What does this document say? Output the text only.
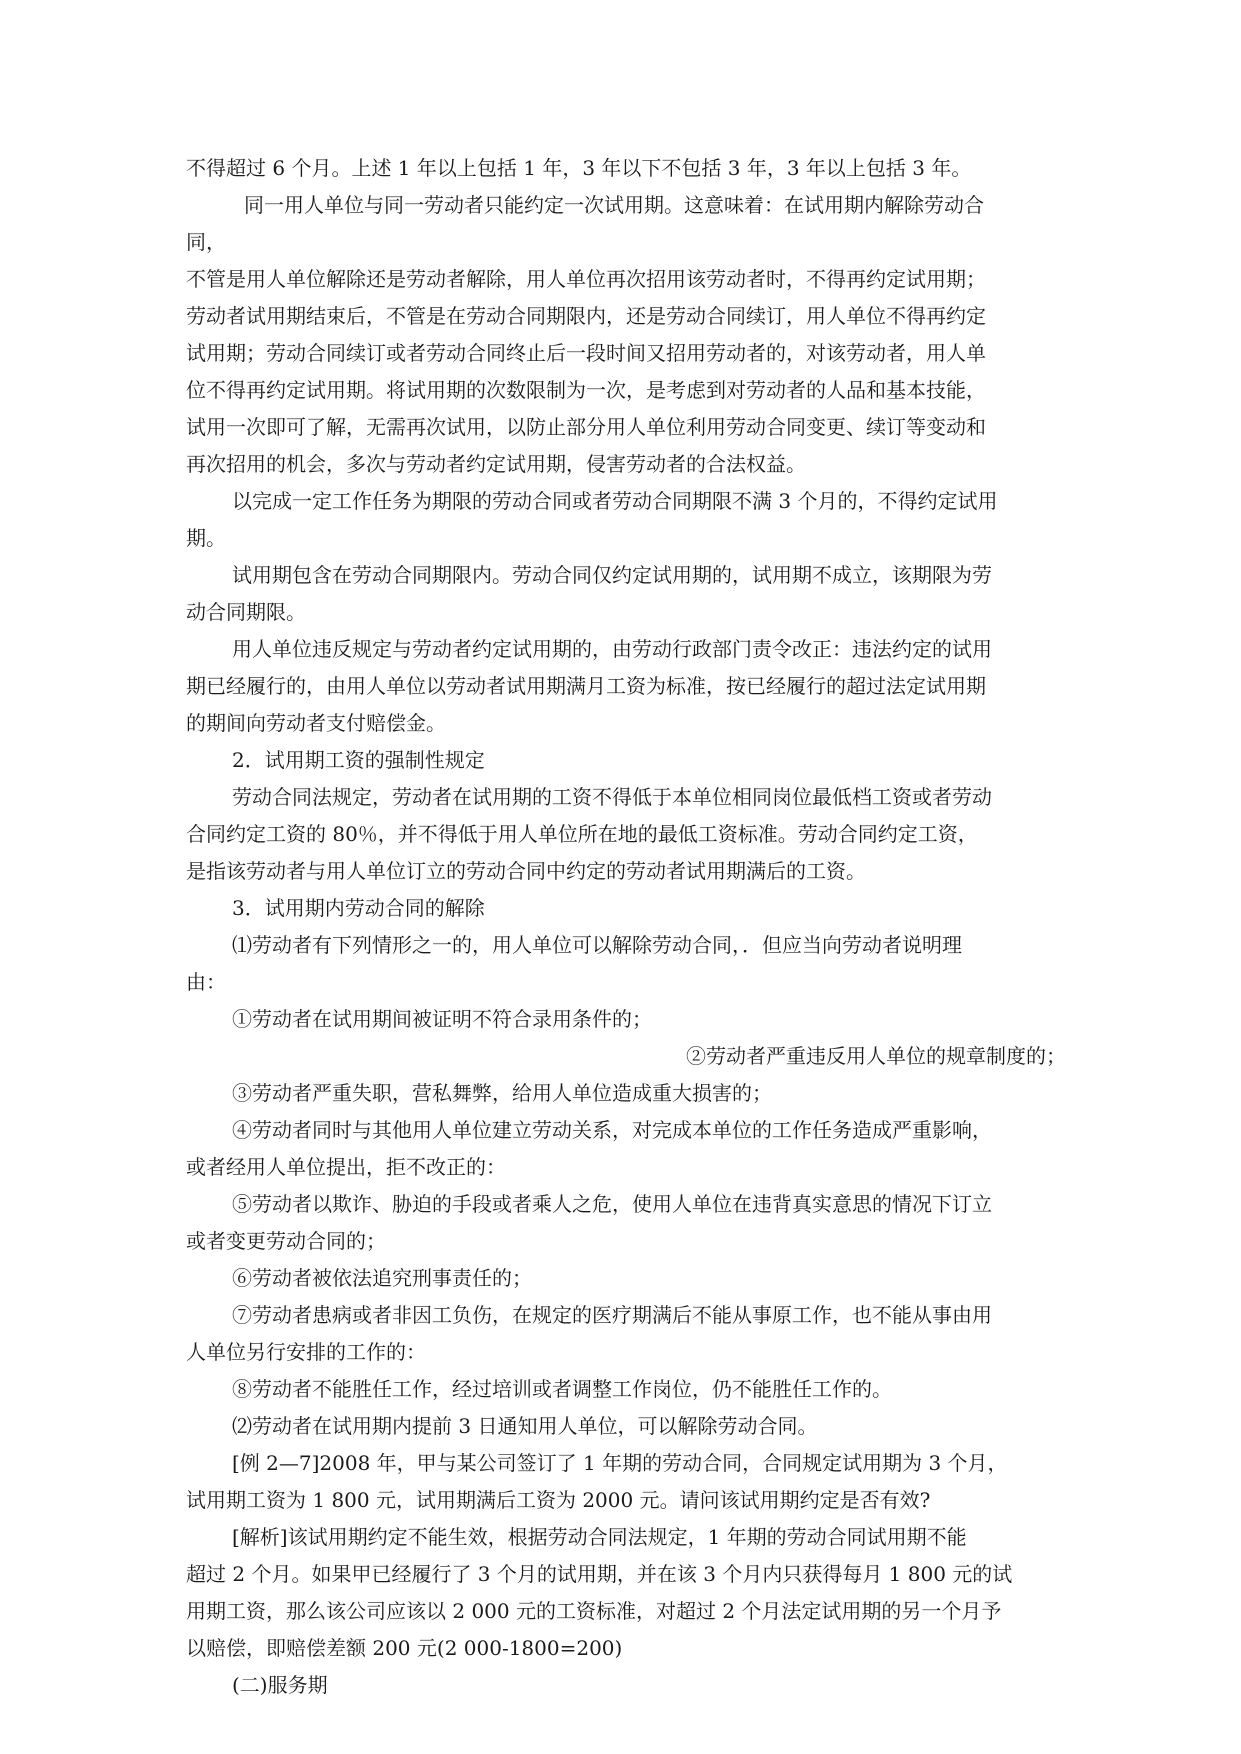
不得超过 6 个月。上述 1 年以上包括 1 年，3 年以下不包括 3 年，3 年以上包括 3 年。
同一用人单位与同一劳动者只能约定一次试用期。这意味着：在试用期内解除劳动合
同，
不管是用人单位解除还是劳动者解除，用人单位再次招用该劳动者时，不得再约定试用期；
劳动者试用期结束后，不管是在劳动合同期限内，还是劳动合同续订，用人单位不得再约定
试用期；劳动合同续订或者劳动合同终止后一段时间又招用劳动者的，对该劳动者，用人单
位不得再约定试用期。将试用期的次数限制为一次，是考虑到对劳动者的人品和基本技能，
试用一次即可了解，无需再次试用，以防止部分用人单位利用劳动合同变更、续订等变动和
再次招用的机会，多次与劳动者约定试用期，侵害劳动者的合法权益。
以完成一定工作任务为期限的劳动合同或者劳动合同期限不满 3 个月的，不得约定试用
期。
试用期包含在劳动合同期限内。劳动合同仅约定试用期的，试用期不成立，该期限为劳
动合同期限。
用人单位违反规定与劳动者约定试用期的，由劳动行政部门责令改正：违法约定的试用
期已经履行的，由用人单位以劳动者试用期满月工资为标准，按已经履行的超过法定试用期
的期间向劳动者支付赔偿金。
2．试用期工资的强制性规定
劳动合同法规定，劳动者在试用期的工资不得低于本单位相同岗位最低档工资或者劳动
合同约定工资的 80％，并不得低于用人单位所在地的最低工资标准。劳动合同约定工资，
是指该劳动者与用人单位订立的劳动合同中约定的劳动者试用期满后的工资。
3．试用期内劳动合同的解除
⑴劳动者有下列情形之一的，用人单位可以解除劳动合同，．但应当向劳动者说明理
由：
①劳动者在试用期间被证明不符合录用条件的；
②劳动者严重违反用人单位的规章制度的；
③劳动者严重失职，营私舞弊，给用人单位造成重大损害的；
④劳动者同时与其他用人单位建立劳动关系，对完成本单位的工作任务造成严重影响，
或者经用人单位提出，拒不改正的：
⑤劳动者以欺诈、胁迫的手段或者乘人之危，使用人单位在违背真实意思的情况下订立
或者变更劳动合同的；
⑥劳动者被依法追究刑事责任的；
⑦劳动者患病或者非因工负伤，在规定的医疗期满后不能从事原工作，也不能从事由用
人单位另行安排的工作的：
⑧劳动者不能胜任工作，经过培训或者调整工作岗位，仍不能胜任工作的。
⑵劳动者在试用期内提前 3 日通知用人单位，可以解除劳动合同。
[例 2—7]2008 年，甲与某公司签订了 1 年期的劳动合同，合同规定试用期为 3 个月，
试用期工资为 1 800 元，试用期满后工资为 2000 元。请问该试用期约定是否有效?
[解析]该试用期约定不能生效，根据劳动合同法规定，1 年期的劳动合同试用期不能
超过 2 个月。如果甲已经履行了 3 个月的试用期，并在该 3 个月内只获得每月 1 800 元的试
用期工资，那么该公司应该以 2 000 元的工资标准，对超过 2 个月法定试用期的另一个月予
以赔偿，即赔偿差额 200 元(2 000-1800=200)
(二)服务期
